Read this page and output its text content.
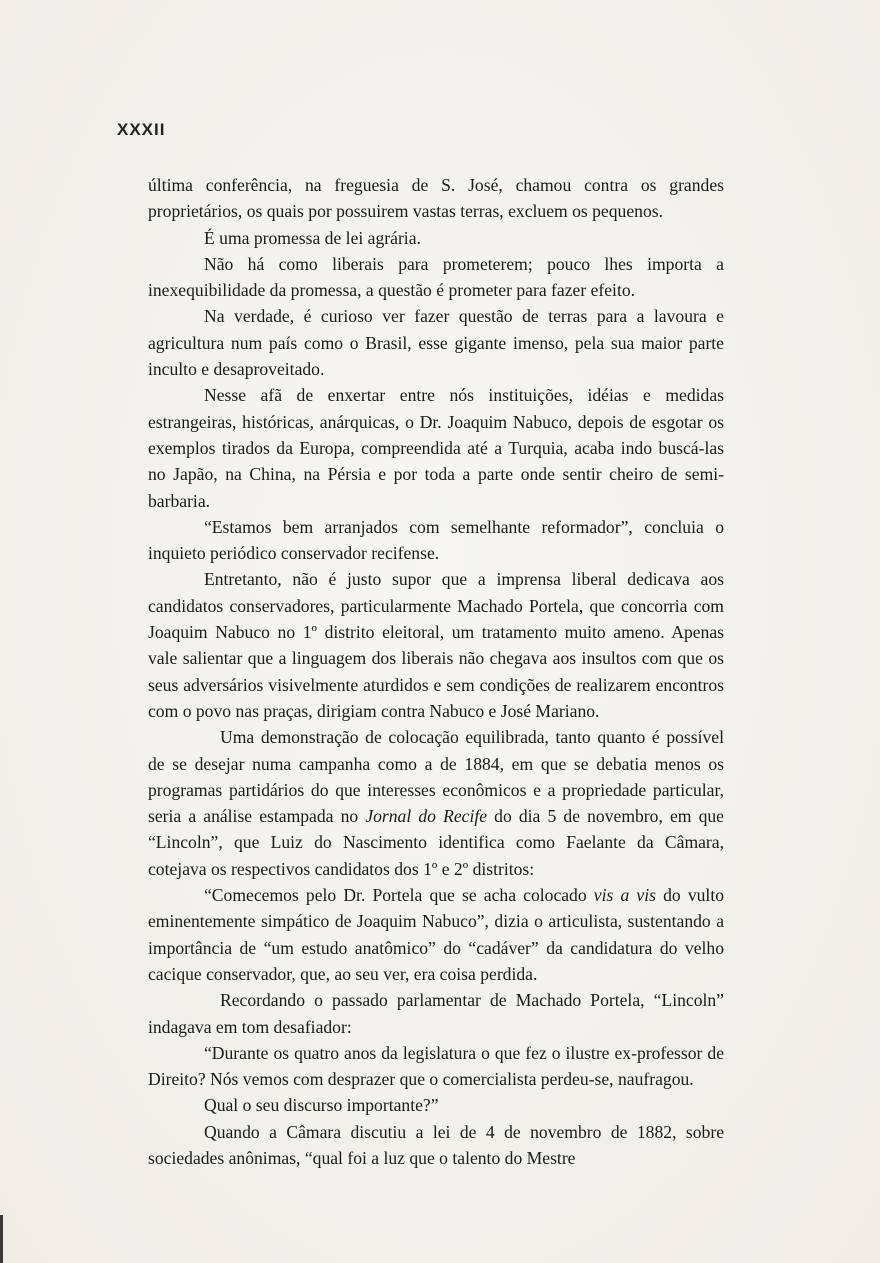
XXXII

última conferência, na freguesia de S. José, chamou contra os grandes proprietários, os quais por possuirem vastas terras, excluem os pequenos.

É uma promessa de lei agrária.

Não há como liberais para prometerem; pouco lhes importa a inexequibilidade da promessa, a questão é prometer para fazer efeito.

Na verdade, é curioso ver fazer questão de terras para a lavoura e agricultura num país como o Brasil, esse gigante imenso, pela sua maior parte inculto e desaproveitado.

Nesse afã de enxertar entre nós instituições, idéias e medidas estrangeiras, históricas, anárquicas, o Dr. Joaquim Nabuco, depois de esgotar os exemplos tirados da Europa, compreendida até a Turquia, acaba indo buscá-las no Japão, na China, na Pérsia e por toda a parte onde sentir cheiro de semi-barbaria.

“Estamos bem arranjados com semelhante reformador”, concluia o inquieto periódico conservador recifense.

Entretanto, não é justo supor que a imprensa liberal dedicava aos candidatos conservadores, particularmente Machado Portela, que concorria com Joaquim Nabuco no 1º distrito eleitoral, um tratamento muito ameno. Apenas vale salientar que a linguagem dos liberais não chegava aos insultos com que os seus adversários visivelmente aturdidos e sem condições de realizarem encontros com o povo nas praças, dirigiam contra Nabuco e José Mariano.

Uma demonstração de colocação equilibrada, tanto quanto é possível de se desejar numa campanha como a de 1884, em que se debatia menos os programas partidários do que interesses econômicos e a propriedade particular, seria a análise estampada no Jornal do Recife do dia 5 de novembro, em que “Lincoln”, que Luiz do Nascimento identifica como Faelante da Câmara, cotejava os respectivos candidatos dos 1º e 2º distritos:

“Comecemos pelo Dr. Portela que se acha colocado vis a vis do vulto eminentemente simpático de Joaquim Nabuco”, dizia o articulista, sustentando a importância de “um estudo anatômico” do “cadáver” da candidatura do velho cacique conservador, que, ao seu ver, era coisa perdida.

Recordando o passado parlamentar de Machado Portela, “Lincoln” indagava em tom desafiador:

“Durante os quatro anos da legislatura o que fez o ilustre ex-professor de Direito? Nós vemos com desprazer que o comercialista perdeu-se, naufragou.

Qual o seu discurso importante?”

Quando a Câmara discutiu a lei de 4 de novembro de 1882, sobre sociedades anônimas, “qual foi a luz que o talento do Mestre
